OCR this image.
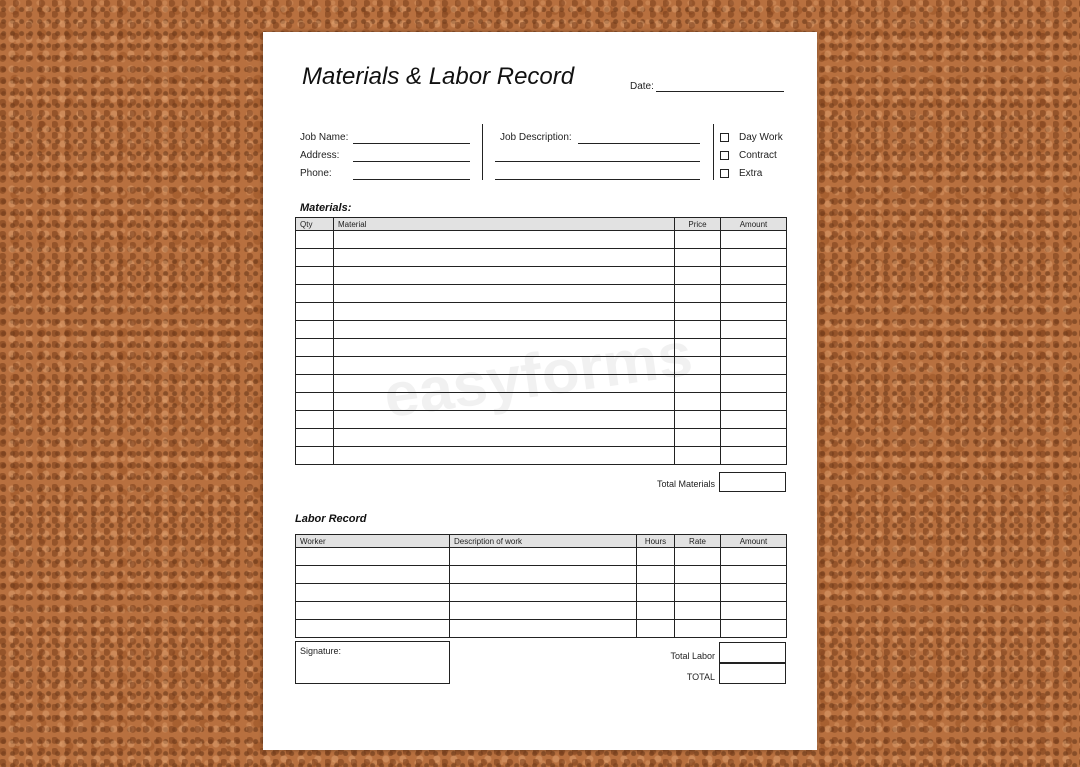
easyforms
Materials & Labor Record	Date:
Job Name:
Address:
Phone:
Job Description:	Day Work
Contract
Extra
Materials:
Qty	Material	Price	Amount

Total Materials
Labor Record
Worker	Description of work	Hours	Rate	Amount

Signature:	Total Labor
TOTAL
